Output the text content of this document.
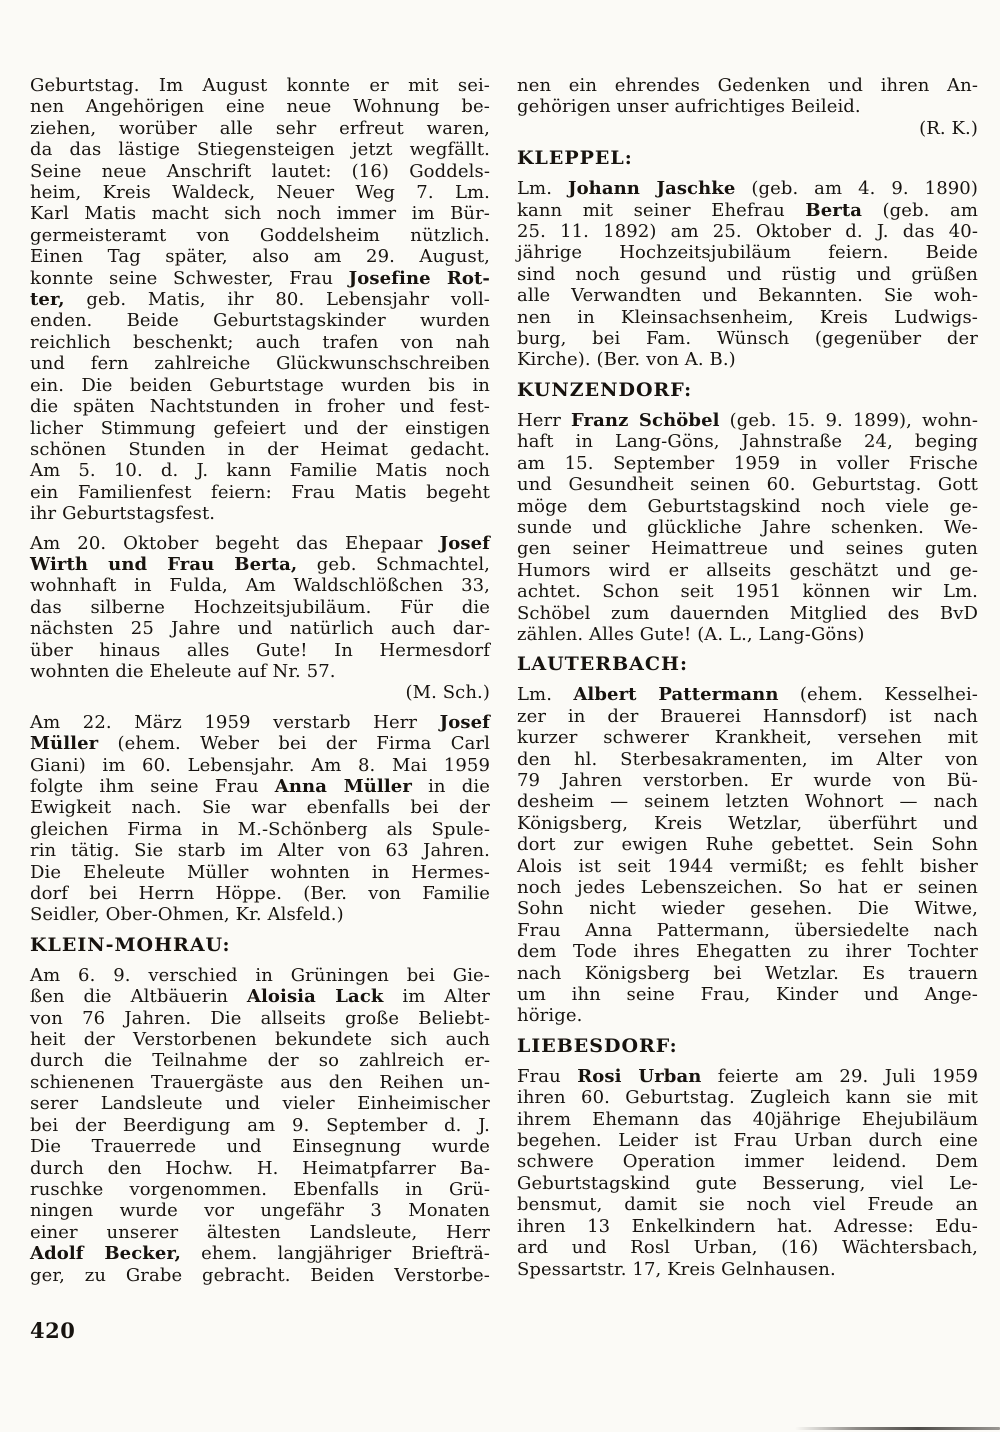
Geburtstag. Im August konnte er mit sei-
nen Angehörigen eine neue Wohnung be-
ziehen, worüber alle sehr erfreut waren,
da das lästige Stiegensteigen jetzt wegfällt.
Seine neue Anschrift lautet: (16) Goddels-
heim, Kreis Waldeck, Neuer Weg 7. Lm.
Karl Matis macht sich noch immer im Bür-
germeisteramt von Goddelsheim nützlich.
Einen Tag später, also am 29. August,
konnte seine Schwester, Frau Josefine Rot-
ter, geb. Matis, ihr 80. Lebensjahr voll-
enden. Beide Geburtstagskinder wurden
reichlich beschenkt; auch trafen von nah
und fern zahlreiche Glückwunschschreiben
ein. Die beiden Geburtstage wurden bis in
die späten Nachtstunden in froher und fest-
licher Stimmung gefeiert und der einstigen
schönen Stunden in der Heimat gedacht.
Am 5. 10. d. J. kann Familie Matis noch
ein Familienfest feiern: Frau Matis begeht
ihr Geburtstagsfest.
Am 20. Oktober begeht das Ehepaar Josef
Wirth und Frau Berta, geb. Schmachtel,
wohnhaft in Fulda, Am Waldschlößchen 33,
das silberne Hochzeitsjubiläum. Für die
nächsten 25 Jahre und natürlich auch dar-
über hinaus alles Gute! In Hermesdorf
wohnten die Eheleute auf Nr. 57.
(M. Sch.)
Am 22. März 1959 verstarb Herr Josef
Müller (ehem. Weber bei der Firma Carl
Giani) im 60. Lebensjahr. Am 8. Mai 1959
folgte ihm seine Frau Anna Müller in die
Ewigkeit nach. Sie war ebenfalls bei der
gleichen Firma in M.-Schönberg als Spule-
rin tätig. Sie starb im Alter von 63 Jahren.
Die Eheleute Müller wohnten in Hermes-
dorf bei Herrn Höppe. (Ber. von Familie
Seidler, Ober-Ohmen, Kr. Alsfeld.)
KLEIN-MOHRAU:
Am 6. 9. verschied in Grüningen bei Gie-
ßen die Altbäuerin Aloisia Lack im Alter
von 76 Jahren. Die allseits große Beliebt-
heit der Verstorbenen bekundete sich auch
durch die Teilnahme der so zahlreich er-
schienenen Trauergäste aus den Reihen un-
serer Landsleute und vieler Einheimischer
bei der Beerdigung am 9. September d. J.
Die Trauerrede und Einsegnung wurde
durch den Hochw. H. Heimatpfarrer Ba-
ruschke vorgenommen. Ebenfalls in Grü-
ningen wurde vor ungefähr 3 Monaten
einer unserer ältesten Landsleute, Herr
Adolf Becker, ehem. langjähriger Briefträ-
ger, zu Grabe gebracht. Beiden Verstorbe-
nen ein ehrendes Gedenken und ihren An-
gehörigen unser aufrichtiges Beileid.
(R. K.)
KLEPPEL:
Lm. Johann Jaschke (geb. am 4. 9. 1890)
kann mit seiner Ehefrau Berta (geb. am
25. 11. 1892) am 25. Oktober d. J. das 40-
jährige Hochzeitsjubiläum feiern. Beide
sind noch gesund und rüstig und grüßen
alle Verwandten und Bekannten. Sie woh-
nen in Kleinsachsenheim, Kreis Ludwigs-
burg, bei Fam. Wünsch (gegenüber der
Kirche). (Ber. von A. B.)
KUNZENDORF:
Herr Franz Schöbel (geb. 15. 9. 1899), wohn-
haft in Lang-Göns, Jahnstraße 24, beging
am 15. September 1959 in voller Frische
und Gesundheit seinen 60. Geburtstag. Gott
möge dem Geburtstagskind noch viele ge-
sunde und glückliche Jahre schenken. We-
gen seiner Heimattreue und seines guten
Humors wird er allseits geschätzt und ge-
achtet. Schon seit 1951 können wir Lm.
Schöbel zum dauernden Mitglied des BvD
zählen. Alles Gute! (A. L., Lang-Göns)
LAUTERBACH:
Lm. Albert Pattermann (ehem. Kesselhei-
zer in der Brauerei Hannsdorf) ist nach
kurzer schwerer Krankheit, versehen mit
den hl. Sterbesakramenten, im Alter von
79 Jahren verstorben. Er wurde von Bü-
desheim — seinem letzten Wohnort — nach
Königsberg, Kreis Wetzlar, überführt und
dort zur ewigen Ruhe gebettet. Sein Sohn
Alois ist seit 1944 vermißt; es fehlt bisher
noch jedes Lebenszeichen. So hat er seinen
Sohn nicht wieder gesehen. Die Witwe,
Frau Anna Pattermann, übersiedelte nach
dem Tode ihres Ehegatten zu ihrer Tochter
nach Königsberg bei Wetzlar. Es trauern
um ihn seine Frau, Kinder und Ange-
hörige.
LIEBESDORF:
Frau Rosi Urban feierte am 29. Juli 1959
ihren 60. Geburtstag. Zugleich kann sie mit
ihrem Ehemann das 40jährige Ehejubiläum
begehen. Leider ist Frau Urban durch eine
schwere Operation immer leidend. Dem
Geburtstagskind gute Besserung, viel Le-
bensmut, damit sie noch viel Freude an
ihren 13 Enkelkindern hat. Adresse: Edu-
ard und Rosl Urban, (16) Wächtersbach,
Spessartstr. 17, Kreis Gelnhausen.
420
